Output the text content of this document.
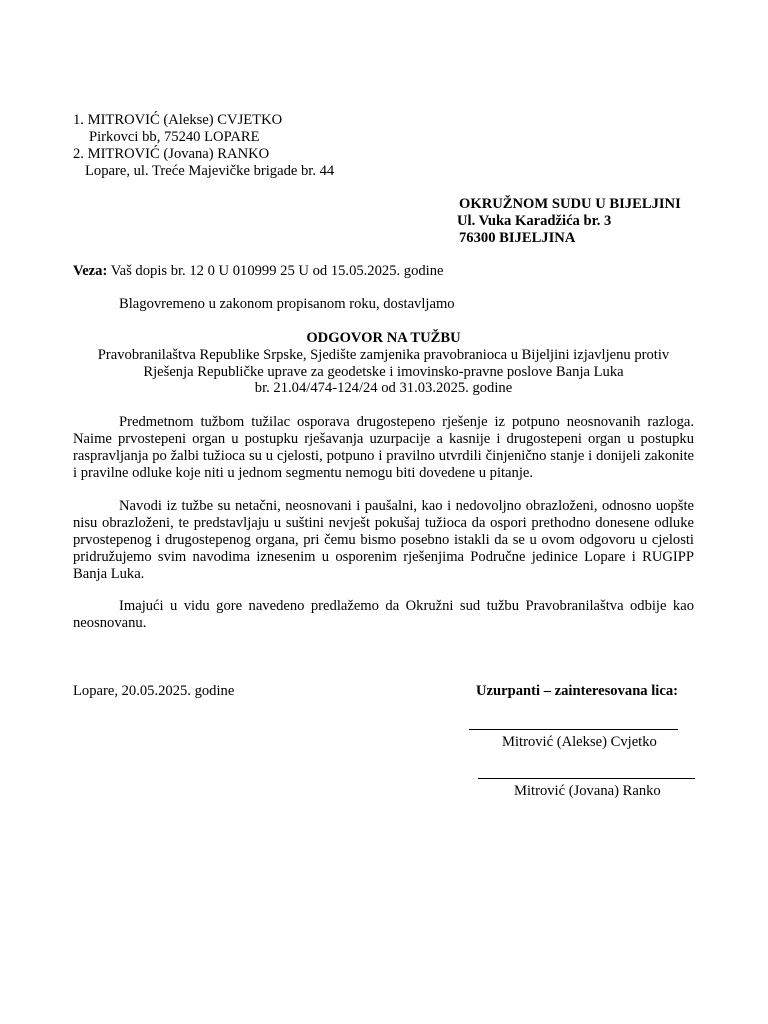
1. MITROVIĆ (Alekse) CVJETKO
Pirkovci bb, 75240 LOPARE
2. MITROVIĆ (Jovana) RANKO
Lopare, ul. Treće Majevičke brigade br. 44
OKRUŽNOM SUDU U BIJELJINI
Ul. Vuka Karadžića br. 3
76300 BIJELJINA
Veza: Vaš dopis br. 12 0 U 010999 25 U od 15.05.2025. godine
Blagovremeno u zakonom propisanom roku, dostavljamo
ODGOVOR NA TUŽBU
Pravobranilaštva Republike Srpske, Sjedište zamjenika pravobranioca u Bijeljini izjavljenu protiv
Rješenja Republičke uprave za geodetske i imovinsko-pravne poslove Banja Luka
br. 21.04/474-124/24 od 31.03.2025. godine

Predmetnom tužbom tužilac osporava drugostepeno rješenje iz potpuno neosnovanih razloga. Naime prvostepeni organ u postupku rješavanja uzurpacije a kasnije i drugostepeni organ u postupku raspravljanja po žalbi tužioca su u cjelosti, potpuno i pravilno utvrdili činjenično stanje i donijeli zakonite i pravilne odluke koje niti u jednom segmentu nemogu biti dovedene u pitanje.

Navodi iz tužbe su netačni, neosnovani i paušalni, kao i nedovoljno obrazloženi, odnosno uopšte nisu obrazloženi, te predstavljaju u suštini nevješt pokušaj tužioca da ospori prethodno donesene odluke prvostepenog i drugostepenog organa, pri čemu bismo posebno istakli da se u ovom odgovoru u cjelosti pridružujemo svim navodima iznesenim u osporenim rješenjima Područne jedinice Lopare i RUGIPP Banja Luka.

Imajući u vidu gore navedeno predlažemo da Okružni sud tužbu Pravobranilaštva odbije kao neosnovanu.

Lopare, 20.05.2025. godine	Uzurpanti – zainteresovana lica:
Mitrović (Alekse) Cvjetko
Mitrović (Jovana) Ranko
